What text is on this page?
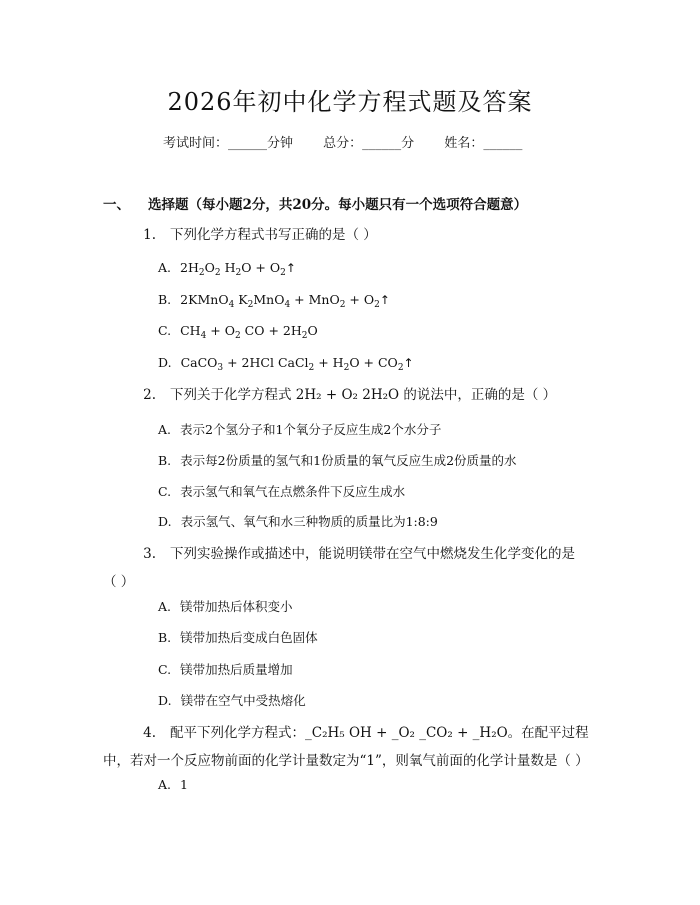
2026年初中化学方程式题及答案
考试时间：______分钟 总分：______分 姓名：______
一、 选择题（每小题2分，共20分。每小题只有一个选项符合题意）
1. 下列化学方程式书写正确的是（ ）
A. $2H_2O_2$ $H_2O$ + $O_2↑$
B. 2KMnO$_4$ $K_2MnO_4 + MnO_2$ + $O_2↑$
C. $CH_4 + O_2$ CO + $2H_2O$
D. CaCO$_3$ + 2HCl CaCl$_2$ + $H_2O$ + $CO_2↑$
2. 下列关于化学方程式 2H₂ + O₂ 2H₂O 的说法中，正确的是（ ）
A. 表示2个氢分子和1个氧分子反应生成2个水分子
B. 表示每2份质量的氢气和1份质量的氧气反应生成2份质量的水
C. 表示氢气和氧气在点燃条件下反应生成水
D. 表示氢气、氧气和水三种物质的质量比为1:8:9
3. 下列实验操作或描述中，能说明镁带在空气中燃烧发生化学变化的是（ ）
A. 镁带加热后体积变小
B. 镁带加热后变成白色固体
C. 镁带加热后质量增加
D. 镁带在空气中受热熔化
4. 配平下列化学方程式：_C₂H₅ OH + _O₂ _CO₂ + _H₂O。在配平过程中，若对一个反应物前面的化学计量数定为“1”，则氧气前面的化学计量数是（ ）
A. 1
